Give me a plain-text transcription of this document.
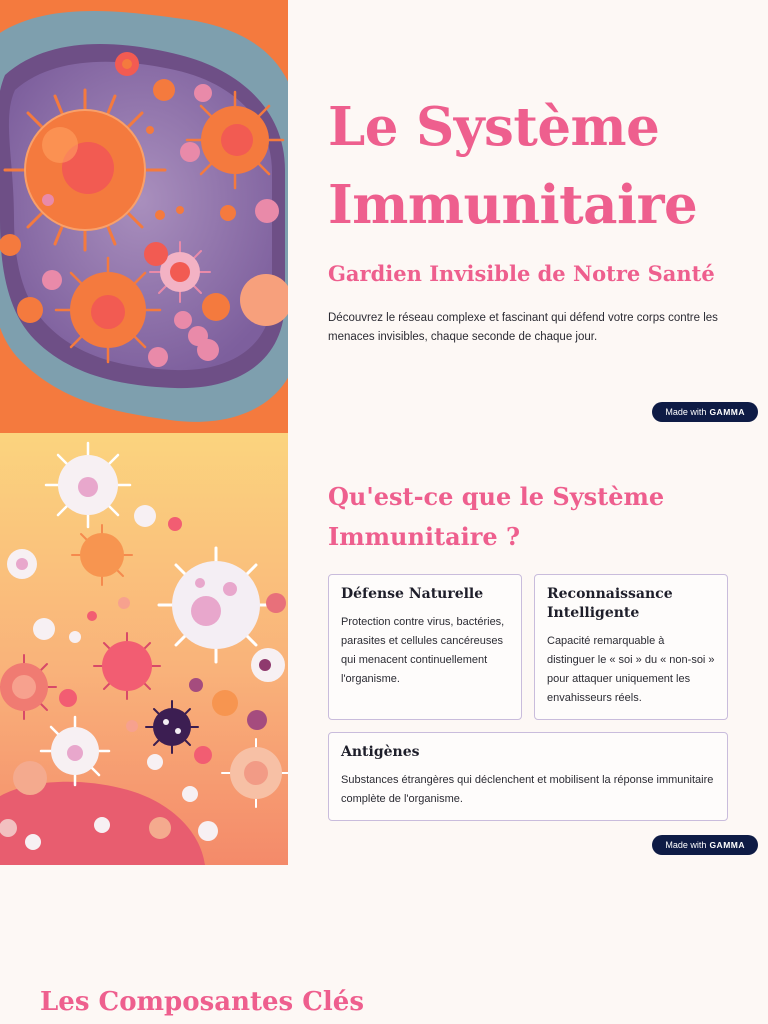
Le Système Immunitaire
Gardien Invisible de Notre Santé

Découvrez le réseau complexe et fascinant qui défend votre corps contre les menaces invisibles, chaque seconde de chaque jour.

Made with GAMMA
Qu'est-ce que le Système Immunitaire ?
Défense Naturelle

Protection contre virus, bactéries, parasites et cellules cancéreuses qui menacent continuellement l'organisme.

Reconnaissance Intelligente

Capacité remarquable à distinguer le « soi » du « non-soi » pour attaquer uniquement les envahisseurs réels.

Antigènes

Substances étrangères qui déclenchent et mobilisent la réponse immunitaire complète de l'organisme.

Made with GAMMA
Les Composantes Clés
